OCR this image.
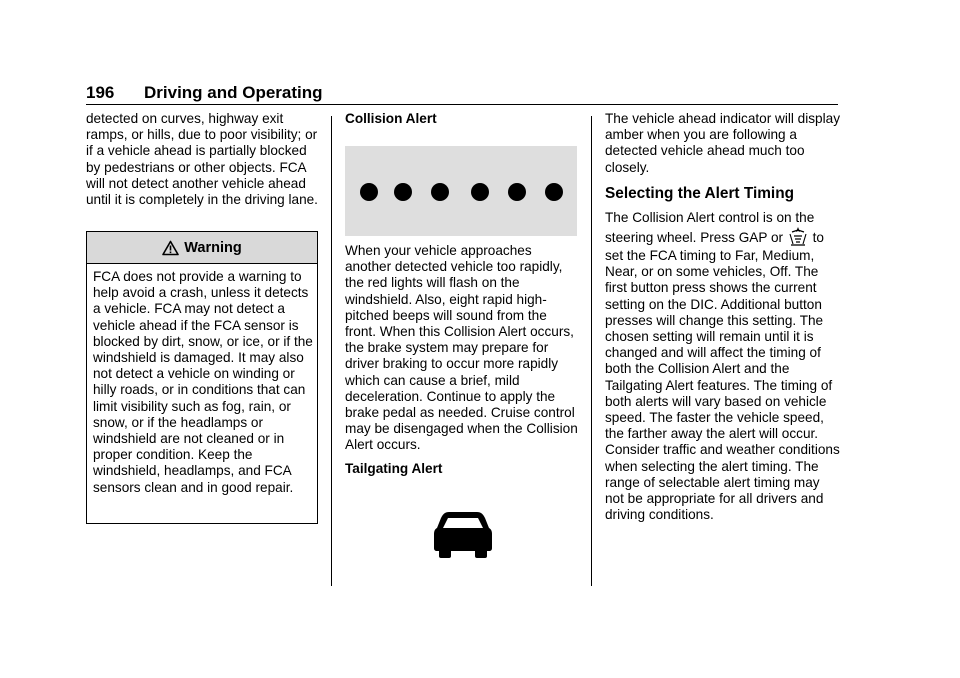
196 Driving and Operating

detected on curves, highway exit ramps, or hills, due to poor visibility; or if a vehicle ahead is partially blocked by pedestrians or other objects. FCA will not detect another vehicle ahead until it is completely in the driving lane.

Warning
FCA does not provide a warning to help avoid a crash, unless it detects a vehicle. FCA may not detect a vehicle ahead if the FCA sensor is blocked by dirt, snow, or ice, or if the windshield is damaged. It may also not detect a vehicle on winding or hilly roads, or in conditions that can limit visibility such as fog, rain, or snow, or if the headlamps or windshield are not cleaned or in proper condition. Keep the windshield, headlamps, and FCA sensors clean and in good repair.

Collision Alert

When your vehicle approaches another detected vehicle too rapidly, the red lights will flash on the windshield. Also, eight rapid high-pitched beeps will sound from the front. When this Collision Alert occurs, the brake system may prepare for driver braking to occur more rapidly which can cause a brief, mild deceleration. Continue to apply the brake pedal as needed. Cruise control may be disengaged when the Collision Alert occurs.

Tailgating Alert

The vehicle ahead indicator will display amber when you are following a detected vehicle ahead much too closely.

Selecting the Alert Timing

The Collision Alert control is on the steering wheel. Press GAP or to set the FCA timing to Far, Medium, Near, or on some vehicles, Off. The first button press shows the current setting on the DIC. Additional button presses will change this setting. The chosen setting will remain until it is changed and will affect the timing of both the Collision Alert and the Tailgating Alert features. The timing of both alerts will vary based on vehicle speed. The faster the vehicle speed, the farther away the alert will occur. Consider traffic and weather conditions when selecting the alert timing. The range of selectable alert timing may not be appropriate for all drivers and driving conditions.
